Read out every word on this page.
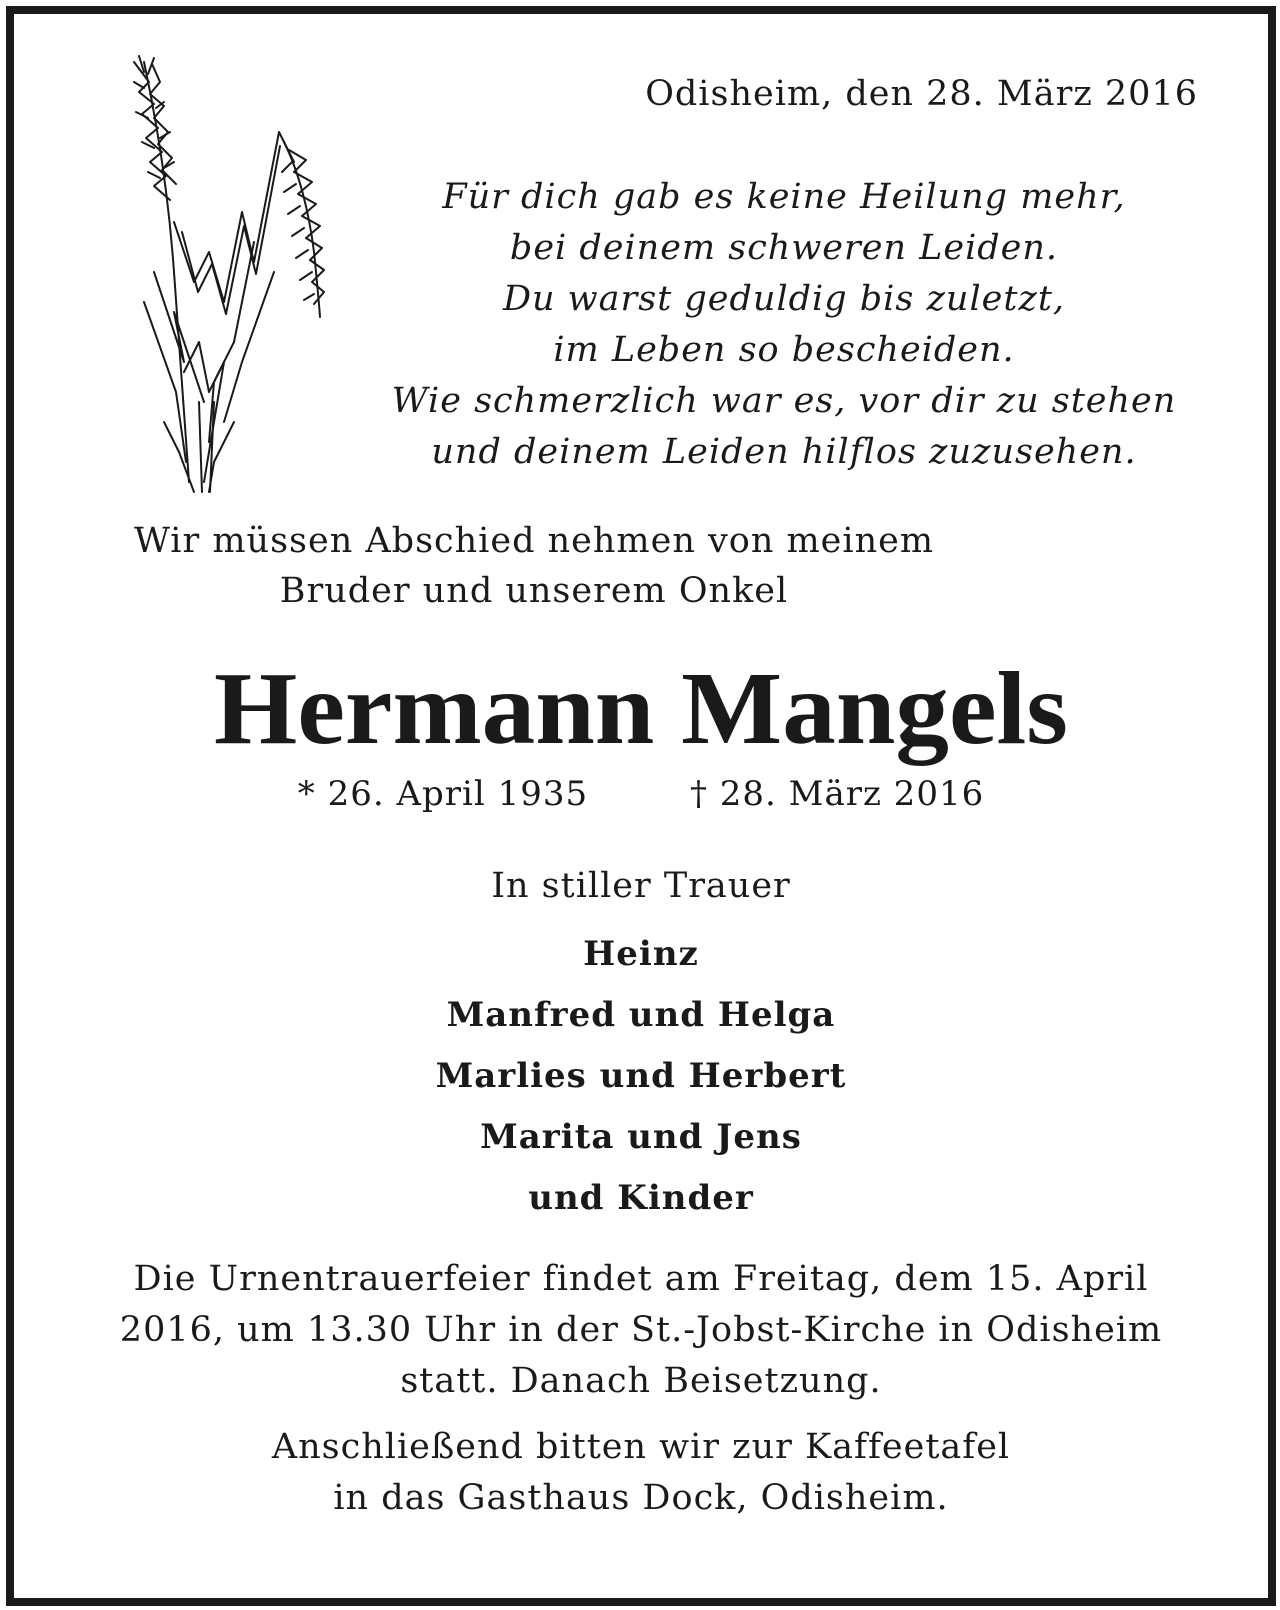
Odisheim, den 28. März 2016
Für dich gab es keine Heilung mehr,
bei deinem schweren Leiden.
Du warst geduldig bis zuletzt,
im Leben so bescheiden.
Wie schmerzlich war es, vor dir zu stehen
und deinem Leiden hilflos zuzusehen.
Wir müssen Abschied nehmen von meinem
Bruder und unserem Onkel
Hermann Mangels
* 26. April 1935	† 28. März 2016
In stiller Trauer
Heinz
Manfred und Helga
Marlies und Herbert
Marita und Jens
und Kinder
Die Urnentrauerfeier findet am Freitag, dem 15. April
2016, um 13.30 Uhr in der St.-Jobst-Kirche in Odisheim
statt. Danach Beisetzung.
Anschließend bitten wir zur Kaffeetafel
in das Gasthaus Dock, Odisheim.
